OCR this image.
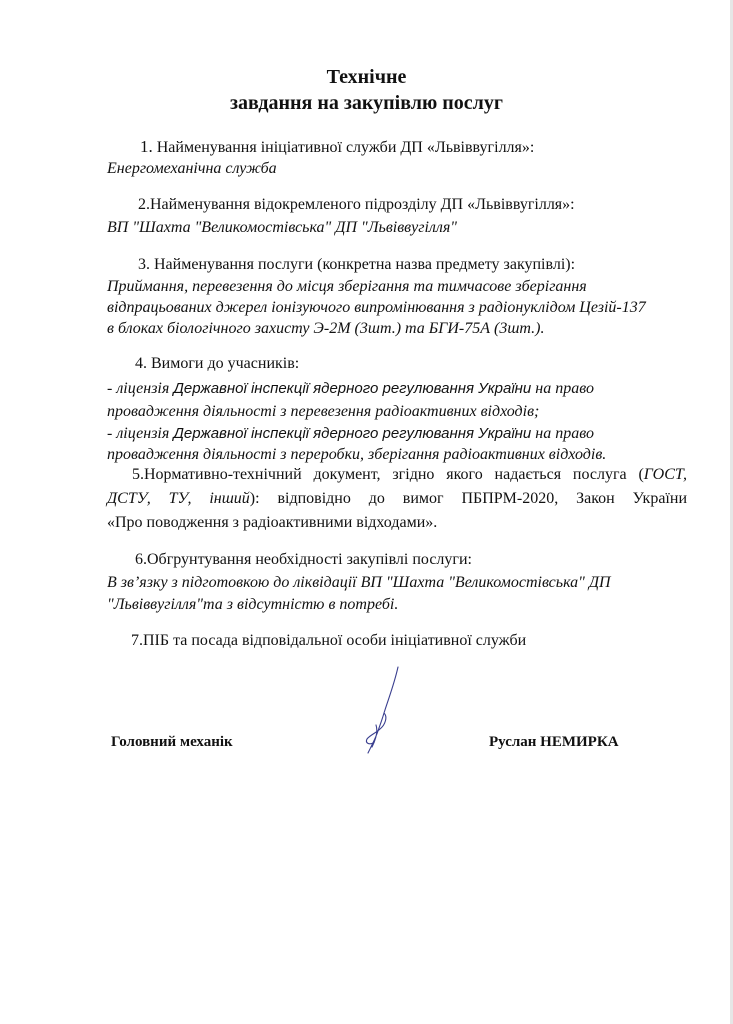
Технічне
завдання на закупівлю послуг
1. Найменування ініціативної служби ДП «Львіввугілля»:
Енергомеханічна служба
2.Найменування відокремленого підрозділу ДП «Львіввугілля»:
ВП "Шахта "Великомостівська" ДП "Львіввугілля"
3. Найменування послуги (конкретна назва предмету закупівлі):
Приймання, перевезення до місця зберігання та тимчасове зберігання
відпрацьованих джерел іонізуючого випромінювання з радіонуклідом Цезій-137
в блоках біологічного захисту Э-2М (3шт.) та БГИ-75А (3шт.).
4. Вимоги до учасників:
- ліцензія Державної інспекції ядерного регулювання України на право
провадження діяльності з перевезення радіоактивних відходів;
- ліцензія Державної інспекції ядерного регулювання України на право
провадження діяльності з переробки, зберігання радіоактивних відходів.
5.Нормативно-технічний документ, згідно якого надається послуга (ГОСТ,
ДСТУ, ТУ, інший): відповідно до вимог ПБПРМ-2020, Закон України
«Про поводження з радіоактивними відходами».
6.Обгрунтування необхідності закупівлі послуги:
В зв’язку з підготовкою до ліквідації ВП "Шахта "Великомостівська" ДП
"Львіввугілля"та з відсутністю в потребі.
7.ПІБ та посада відповідальної особи ініціативної служби
Головний механік	Руслан НЕМИРКА
